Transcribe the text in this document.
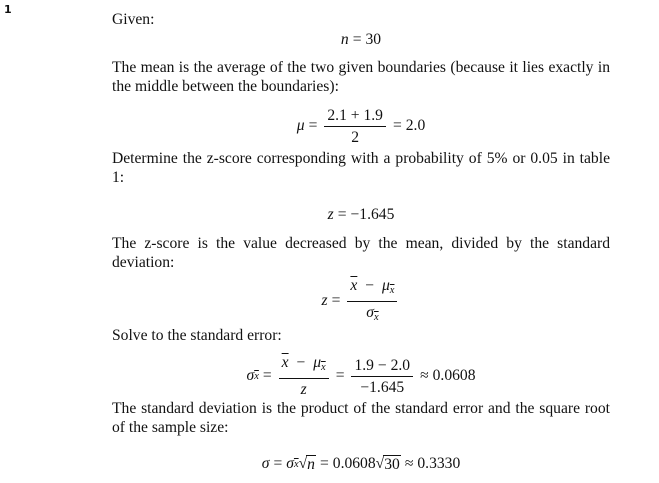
1

Given:

n = 30

The mean is the average of the two given boundaries (because it lies exactly in the middle between the boundaries):

$\mu = \frac{2.1 + 1.9}{2} = 2.0$

Determine the z-score corresponding with a probability of 5% or 0.05 in table 1:

z = −1.645

The z-score is the value decreased by the mean, divided by the standard deviation:

$z = \frac{\overline{x} - \mu_{\overline{x}}}{\sigma_{\overline{x}}}$

Solve to the standard error:

σ $\overline{x} = \frac{\overline{x} - \mu_{\overline{x}}}{z} = \frac{1.9 - 2.0}{-1.645} \approx 0.0608$

The standard deviation is the product of the standard error and the square root of the sample size:

σ = σ $\overline{x}$ √ n = 0.0608 √ 30 ≈ 0.3330
